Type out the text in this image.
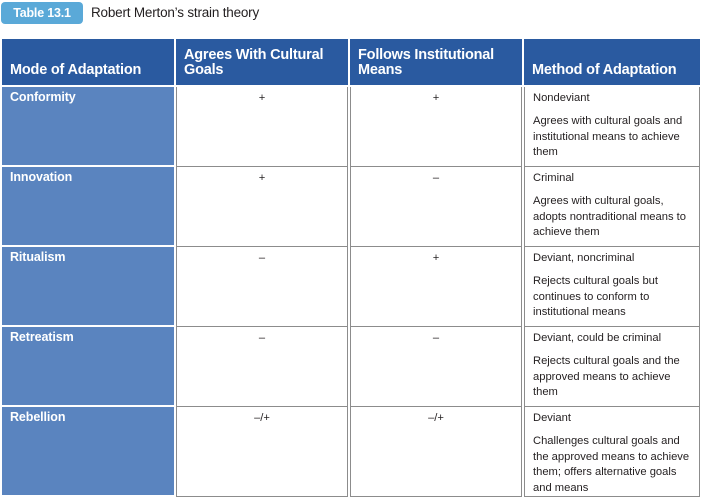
Table 13.1	Robert Merton’s strain theory
Mode of Adaptation	Agrees With Cultural Goals	Follows Institutional Means	Method of Adaptation
Conformity	+	+	Nondeviant
Agrees with cultural goals and institutional means to achieve them

Innovation	+	–	Criminal
Agrees with cultural goals, adopts nontraditional means to achieve them

Ritualism	–	+	Deviant, noncriminal
Rejects cultural goals but continues to conform to institutional means

Retreatism	–	–	Deviant, could be criminal
Rejects cultural goals and the approved means to achieve them

Rebellion	–/+	–/+	Deviant
Challenges cultural goals and the approved means to achieve them; offers alternative goals and means
